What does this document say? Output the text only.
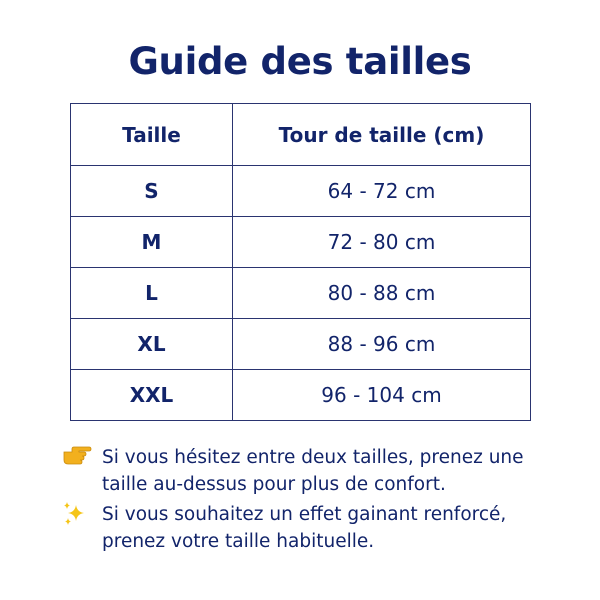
Guide des tailles
Taille	Tour de taille (cm)
S	64 - 72 cm
M	72 - 80 cm
L	80 - 88 cm
XL	88 - 96 cm
XXL	96 - 104 cm
Si vous hésitez entre deux tailles, prenez une taille au-dessus pour plus de confort.
Si vous souhaitez un effet gainant renforcé, prenez votre taille habituelle.
